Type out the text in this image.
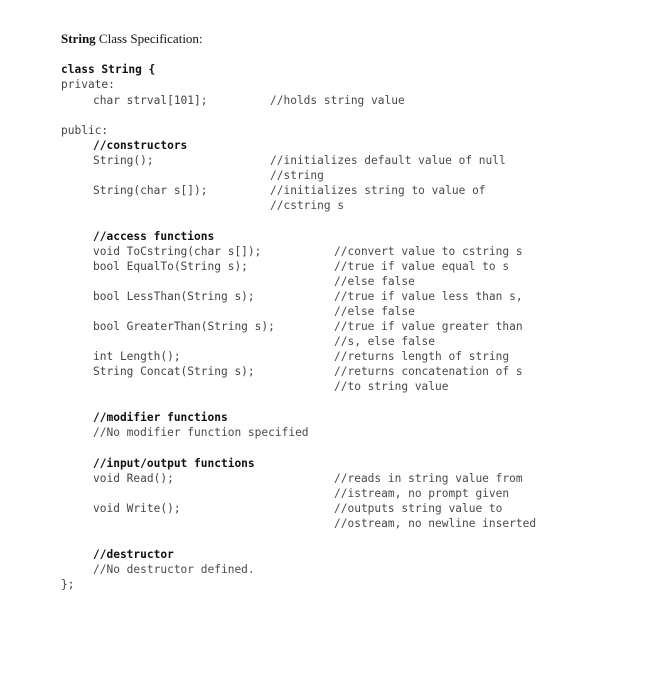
String Class Specification:
class String {
private:
char strval[101];	//holds string value
public:
//constructors
String();	//initializes default value of null
//string
String(char s[]);	//initializes string to value of
//cstring s
//access functions
void ToCstring(char s[]);	//convert value to cstring s
bool EqualTo(String s);	//true if value equal to s
//else false
bool LessThan(String s);	//true if value less than s,
//else false
bool GreaterThan(String s);	//true if value greater than
//s, else false
int Length();	//returns length of string
String Concat(String s);	//returns concatenation of s
//to string value
//modifier functions
//No modifier function specified
//input/output functions
void Read();	//reads in string value from
//istream, no prompt given
void Write();	//outputs string value to
//ostream, no newline inserted
//destructor
//No destructor defined.
};
